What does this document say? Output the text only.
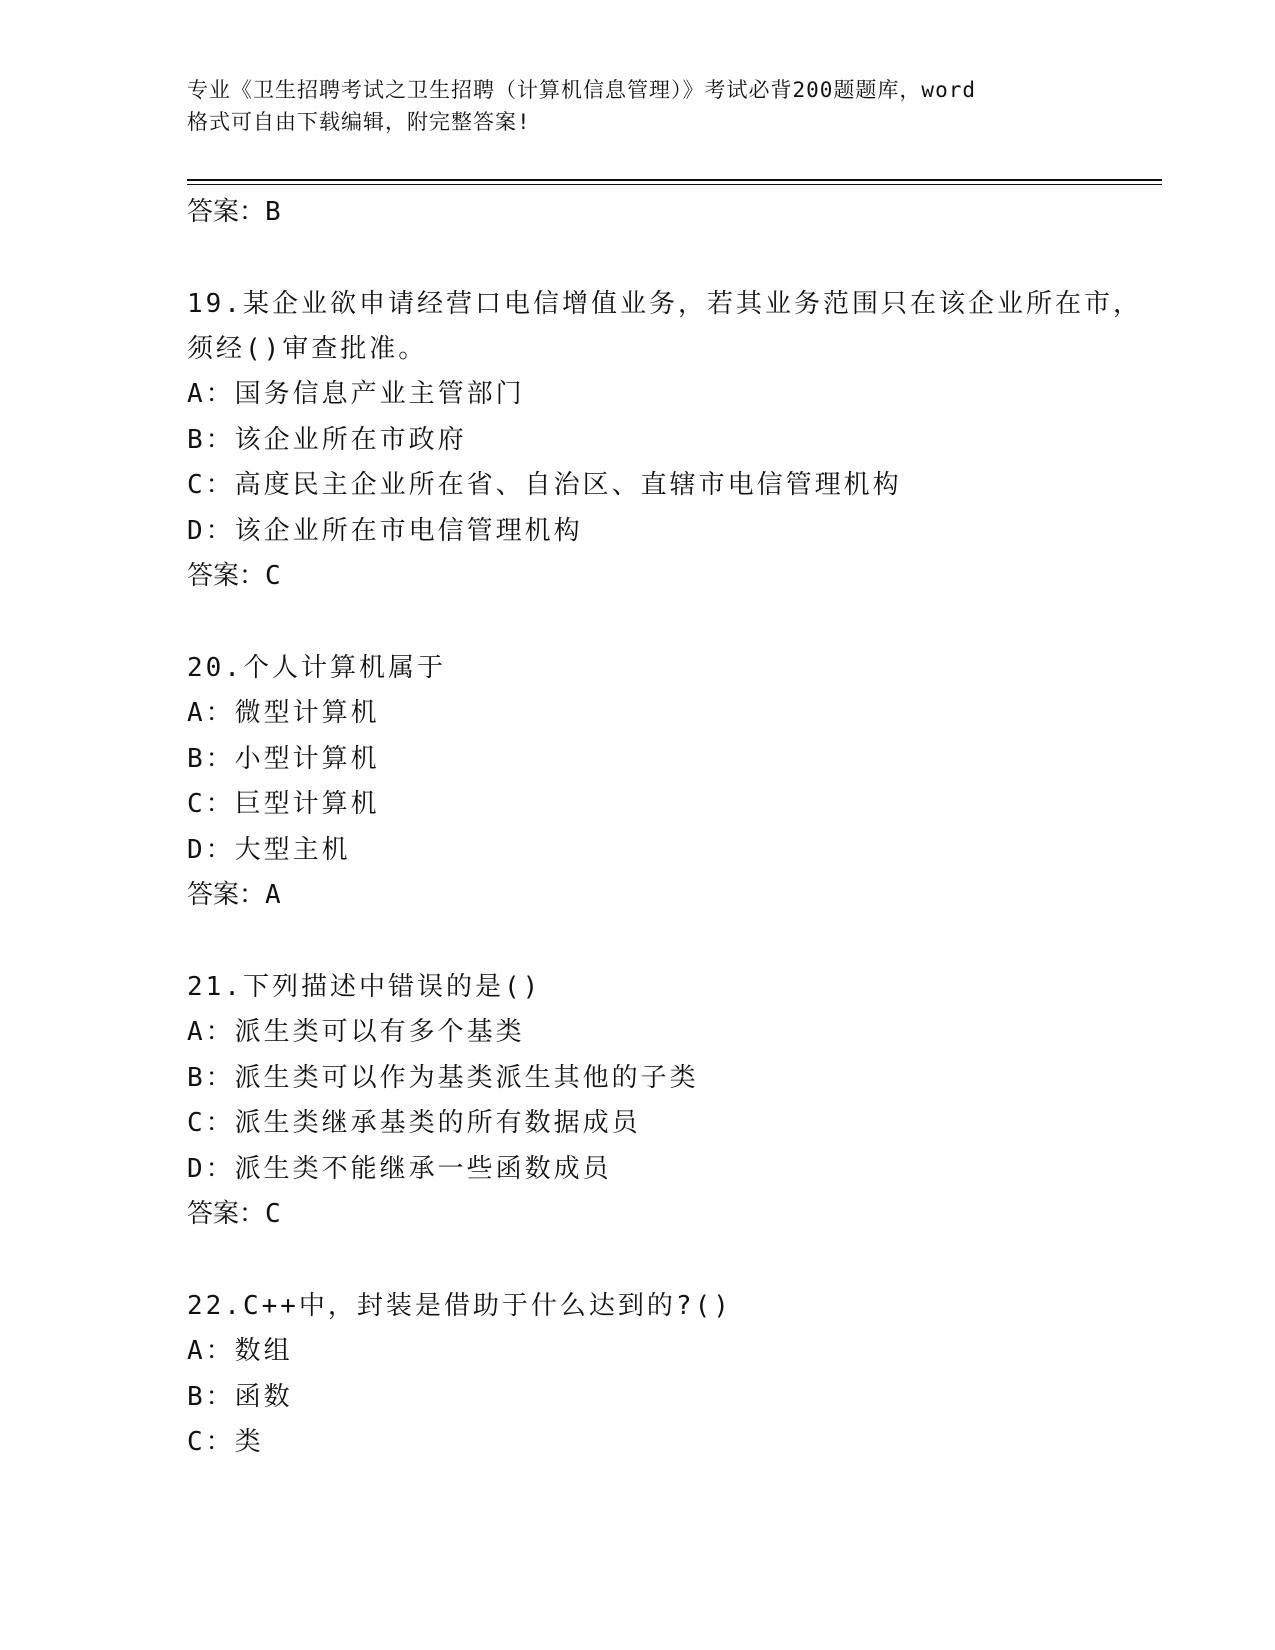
专业《卫生招聘考试之卫生招聘（计算机信息管理）》考试必背200题题库，word
格式可自由下载编辑，附完整答案!
答案：B
19.某企业欲申请经营口电信增值业务，若其业务范围只在该企业所在市，须经()审查批准。
A：国务信息产业主管部门
B：该企业所在市政府
C：高度民主企业所在省、自治区、直辖市电信管理机构
D：该企业所在市电信管理机构
答案：C
20.个人计算机属于
A：微型计算机
B：小型计算机
C：巨型计算机
D：大型主机
答案：A
21.下列描述中错误的是()
A：派生类可以有多个基类
B：派生类可以作为基类派生其他的子类
C：派生类继承基类的所有数据成员
D：派生类不能继承一些函数成员
答案：C
22.C++中，封装是借助于什么达到的?()
A：数组
B：函数
C：类
